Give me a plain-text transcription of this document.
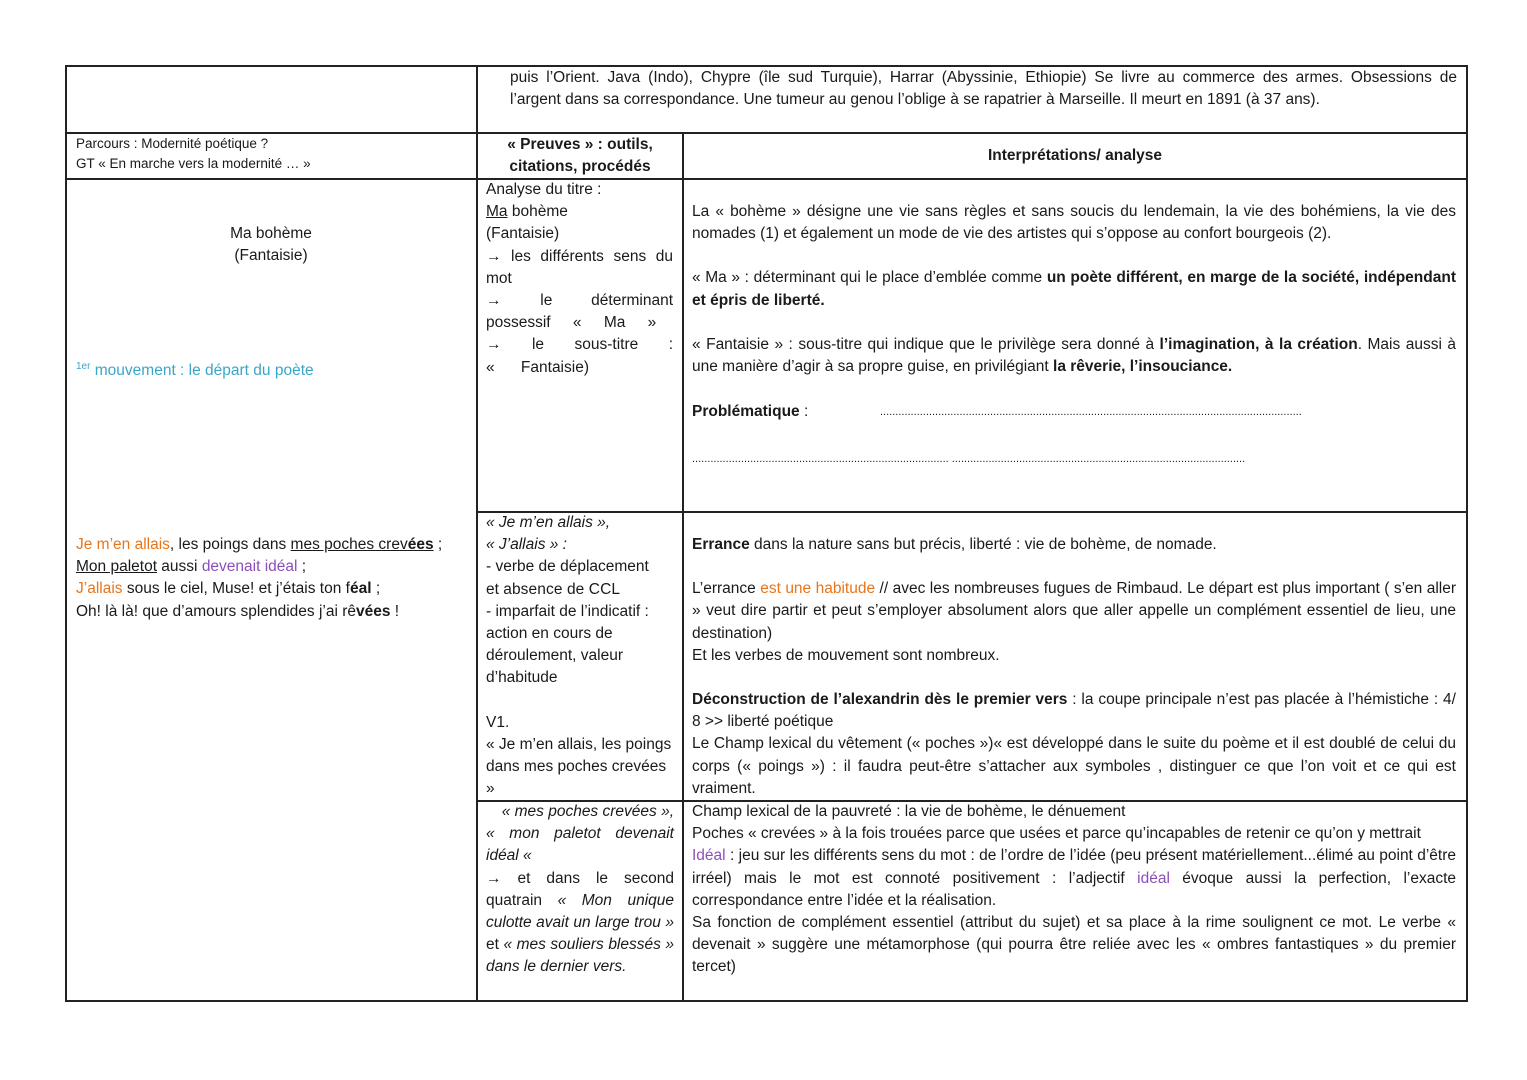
puis l’Orient. Java (Indo), Chypre (île sud Turquie), Harrar (Abyssinie, Ethiopie) Se livre au commerce des armes. Obsessions de

l’argent dans sa correspondance. Une tumeur au genou l’oblige à se rapatrier à Marseille. Il meurt en 1891 (à 37 ans).

Parcours : Modernité poétique ?

GT « En marche vers la modernité … »

« Preuves » : outils, citations, procédés

Interprétations/ analyse

Ma bohème

(Fantaisie)

$^{1er}$ mouvement : le départ du poète

Analyse du titre :

Ma bohème

(Fantaisie)

→ les différents sens du mot

→ le déterminant possessif « Ma »

→ le sous-titre : « Fantaisie)

La « bohème » désigne une vie sans règles et sans soucis du lendemain, la vie des bohémiens, la vie des nomades (1) et également un mode de vie des artistes qui s’oppose au confort bourgeois (2).

« Ma » : déterminant qui le place d’emblée comme un poète différent, en marge de la société, indépendant et épris de liberté.

« Fantaisie » : sous-titre qui indique que le privilège sera donné à l’imagination, à la création. Mais aussi à une manière d’agir à sa propre guise, en privilégiant la rêverie, l’insouciance.

Problématique :	..........................................................................................................................................
.................................................................................... ................................................................................................

Je m’en allais, les poings dans mes poches crevées ;

Mon paletot aussi devenait idéal ;

J’allais sous le ciel, Muse! et j’étais ton féal ;

Oh! là là! que d’amours splendides j’ai rêvées !

« Je m’en allais »,

« J’allais » :

- verbe de déplacement

et absence de CCL

- imparfait de l’indicatif : action en cours de déroulement, valeur d’habitude

V1.

« Je m’en allais, les poings dans mes poches crevées »

Errance dans la nature sans but précis, liberté : vie de bohème, de nomade.

L’errance est une habitude // avec les nombreuses fugues de Rimbaud. Le départ est plus important ( s’en aller » veut dire partir et peut s’employer absolument alors que aller appelle un complément essentiel de lieu, une destination)

Et les verbes de mouvement sont nombreux.

Déconstruction de l’alexandrin dès le premier vers : la coupe principale n’est pas placée à l’hémistiche : 4/ 8 >> liberté poétique

Le Champ lexical du vêtement (« poches »)« est développé dans le suite du poème et il est doublé de celui du corps (« poings ») : il faudra peut-être s’attacher aux symboles , distinguer ce que l’on voit et ce qui est vraiment.

« mes poches crevées »,

« mon paletot devenait idéal «

→ et dans le second quatrain « Mon unique culotte avait un large trou » et « mes souliers blessés » dans le dernier vers.

Champ lexical de la pauvreté : la vie de bohème, le dénuement

Poches « crevées » à la fois trouées parce que usées et parce qu’incapables de retenir ce qu’on y mettrait

Idéal : jeu sur les différents sens du mot : de l’ordre de l’idée (peu présent matériellement...élimé au point d’être irréel) mais le mot est connoté positivement : l’adjectif idéal évoque aussi la perfection, l’exacte correspondance entre l’idée et la réalisation.

Sa fonction de complément essentiel (attribut du sujet) et sa place à la rime soulignent ce mot. Le verbe « devenait » suggère une métamorphose (qui pourra être reliée avec les « ombres fantastiques » du premier tercet)
